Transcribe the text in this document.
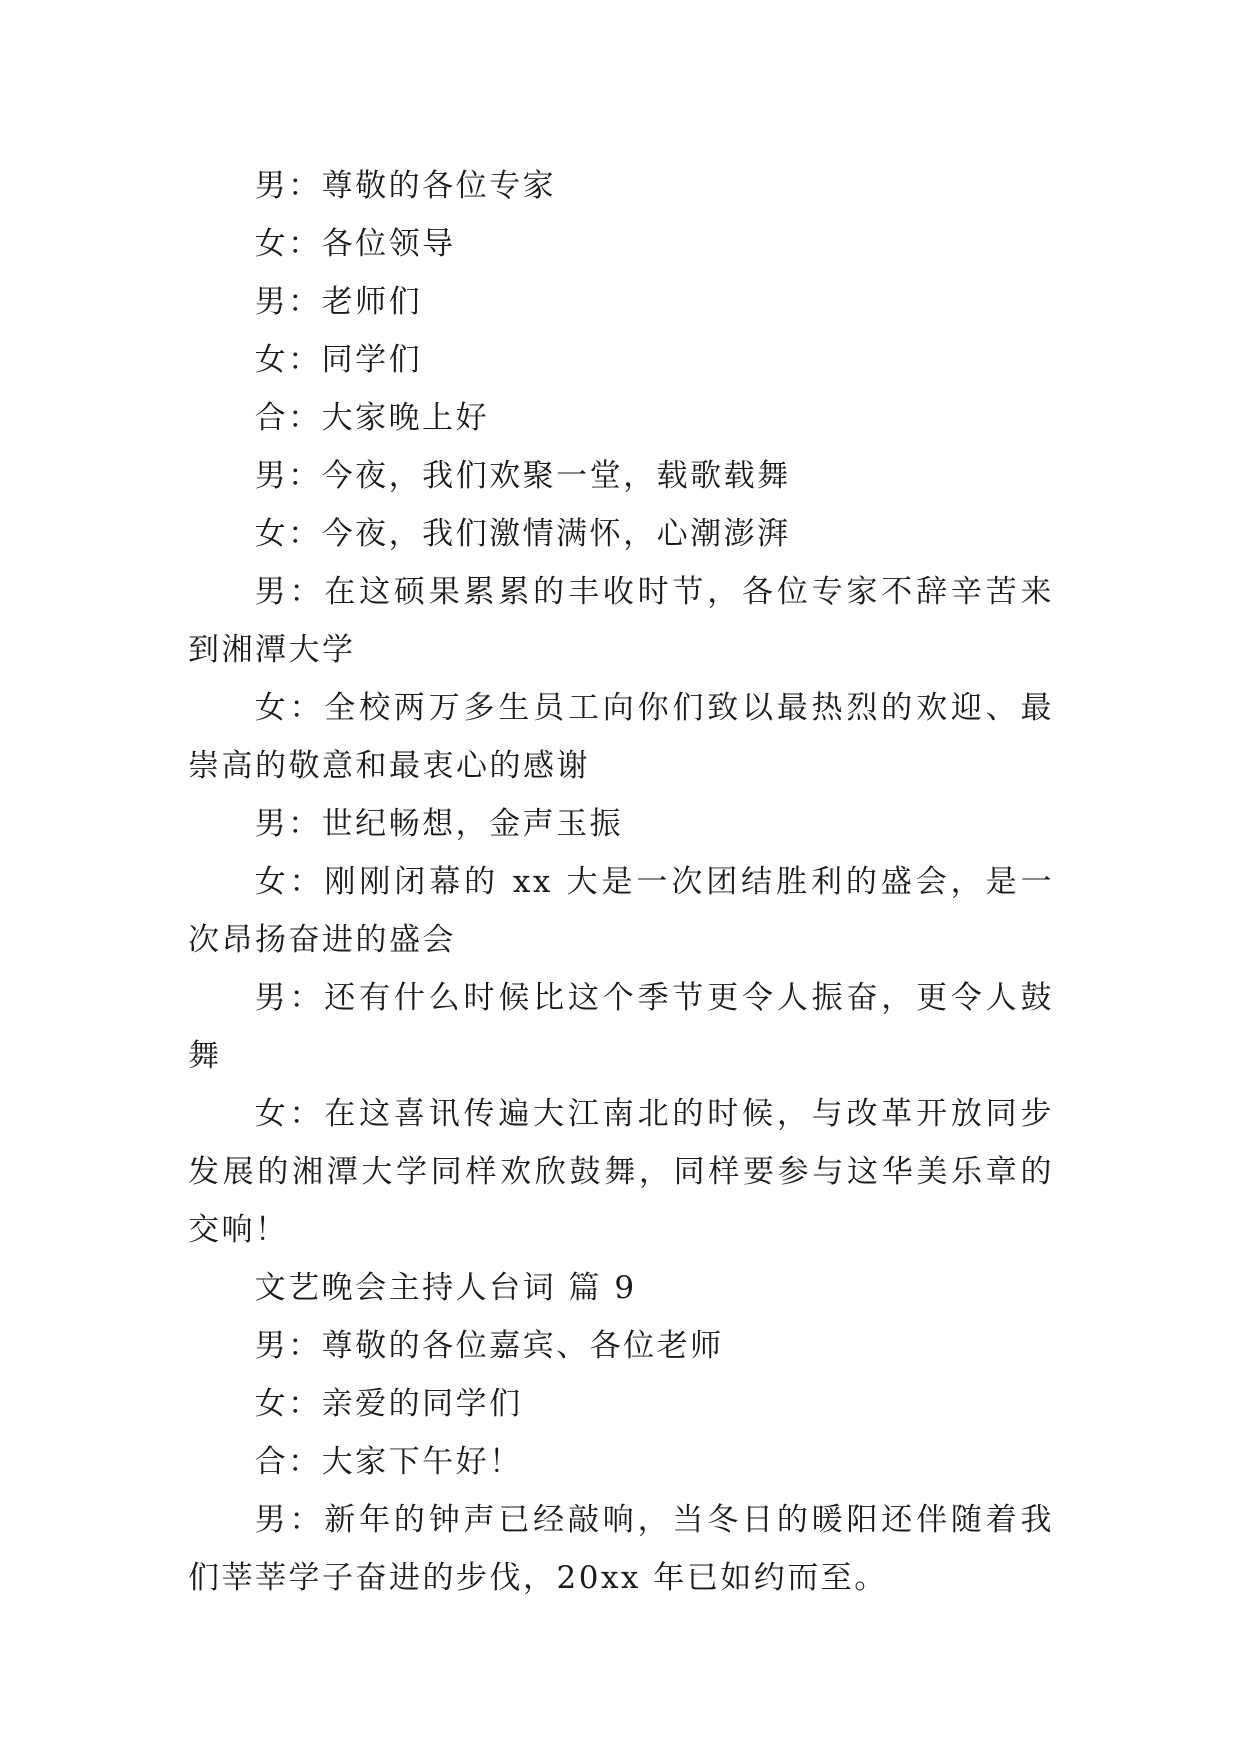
男：尊敬的各位专家

女：各位领导

男：老师们

女：同学们

合：大家晚上好

男：今夜，我们欢聚一堂，载歌载舞

女：今夜，我们激情满怀，心潮澎湃

男：在这硕果累累的丰收时节，各位专家不辞辛苦来到湘潭大学

女：全校两万多生员工向你们致以最热烈的欢迎、最崇高的敬意和最衷心的感谢

男：世纪畅想，金声玉振

女：刚刚闭幕的 xx 大是一次团结胜利的盛会，是一次昂扬奋进的盛会

男：还有什么时候比这个季节更令人振奋，更令人鼓舞

女：在这喜讯传遍大江南北的时候，与改革开放同步发展的湘潭大学同样欢欣鼓舞，同样要参与这华美乐章的交响！

文艺晚会主持人台词 篇 9

男：尊敬的各位嘉宾、各位老师

女：亲爱的同学们

合：大家下午好！

男：新年的钟声已经敲响，当冬日的暖阳还伴随着我们莘莘学子奋进的步伐，20xx 年已如约而至。
